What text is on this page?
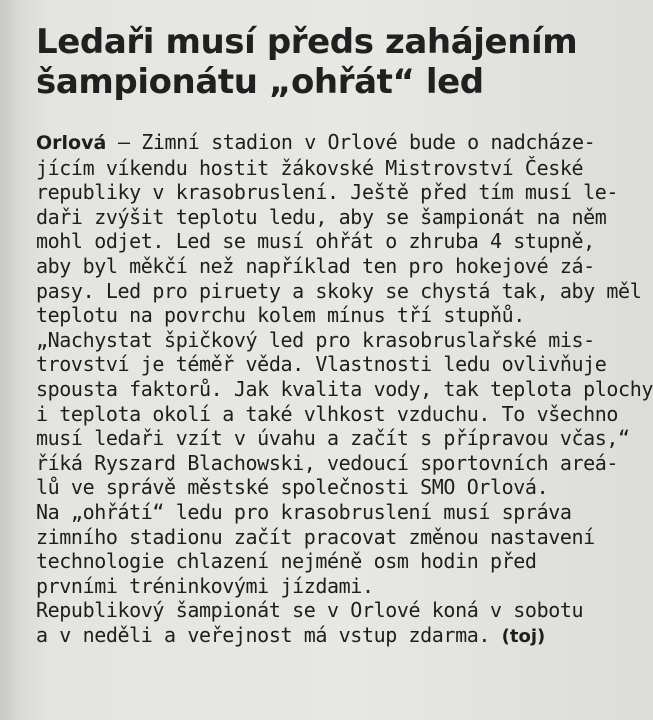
Ledaři musí předs zahájením
šampionátu „ohřát“ led
Orlová – Zimní stadion v Orlové bude o nadcháze-
jícím víkendu hostit žákovské Mistrovství České
republiky v krasobruslení. Ještě před tím musí le-
daři zvýšit teplotu ledu, aby se šampionát na něm
mohl odjet. Led se musí ohřát o zhruba 4 stupně,
aby byl měkčí než například ten pro hokejové zá-
pasy. Led pro piruety a skoky se chystá tak, aby měl
teplotu na povrchu kolem mínus tří stupňů.
„Nachystat špičkový led pro krasobruslařské mis-
trovství je téměř věda. Vlastnosti ledu ovlivňuje
spousta faktorů. Jak kvalita vody, tak teplota plochy
i teplota okolí a také vlhkost vzduchu. To všechno
musí ledaři vzít v úvahu a začít s přípravou včas,“
říká Ryszard Blachowski, vedoucí sportovních areá-
lů ve správě městské společnosti SMO Orlová.
Na „ohřátí“ ledu pro krasobruslení musí správa
zimního stadionu začít pracovat změnou nastavení
technologie chlazení nejméně osm hodin před
prvními tréninkovými jízdami.
Republikový šampionát se v Orlové koná v sobotu
a v neděli a veřejnost má vstup zdarma. (toj)
